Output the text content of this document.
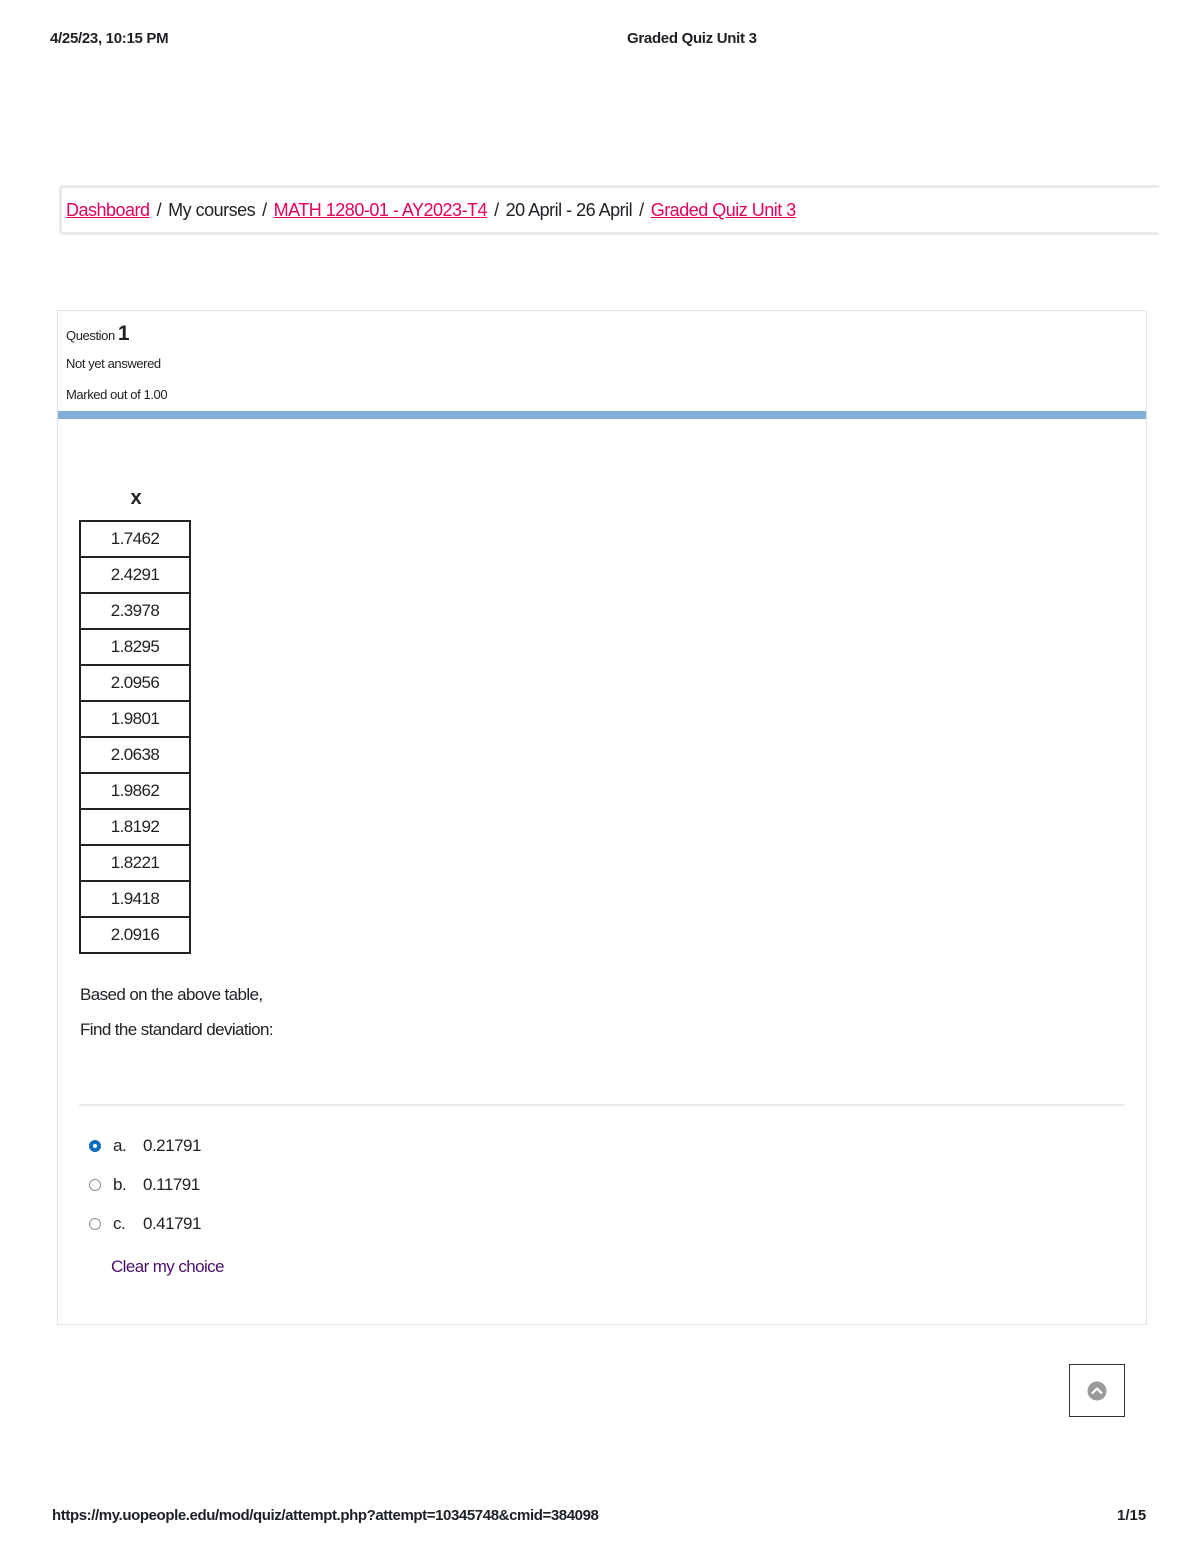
4/25/23, 10:15 PM	Graded Quiz Unit 3
Dashboard / My courses / MATH 1280-01 - AY2023-T4 / 20 April - 26 April / Graded Quiz Unit 3
Question 1
Not yet answered
Marked out of 1.00
x
1.7462
2.4291
2.3978
1.8295
2.0956
1.9801
2.0638
1.9862
1.8192
1.8221
1.9418
2.0916
Based on the above table,
Find the standard deviation:
a. 0.21791
b. 0.11791
c.	0.41791
Clear my choice
https://my.uopeople.edu/mod/quiz/attempt.php?attempt=10345748&cmid=384098	1/15
